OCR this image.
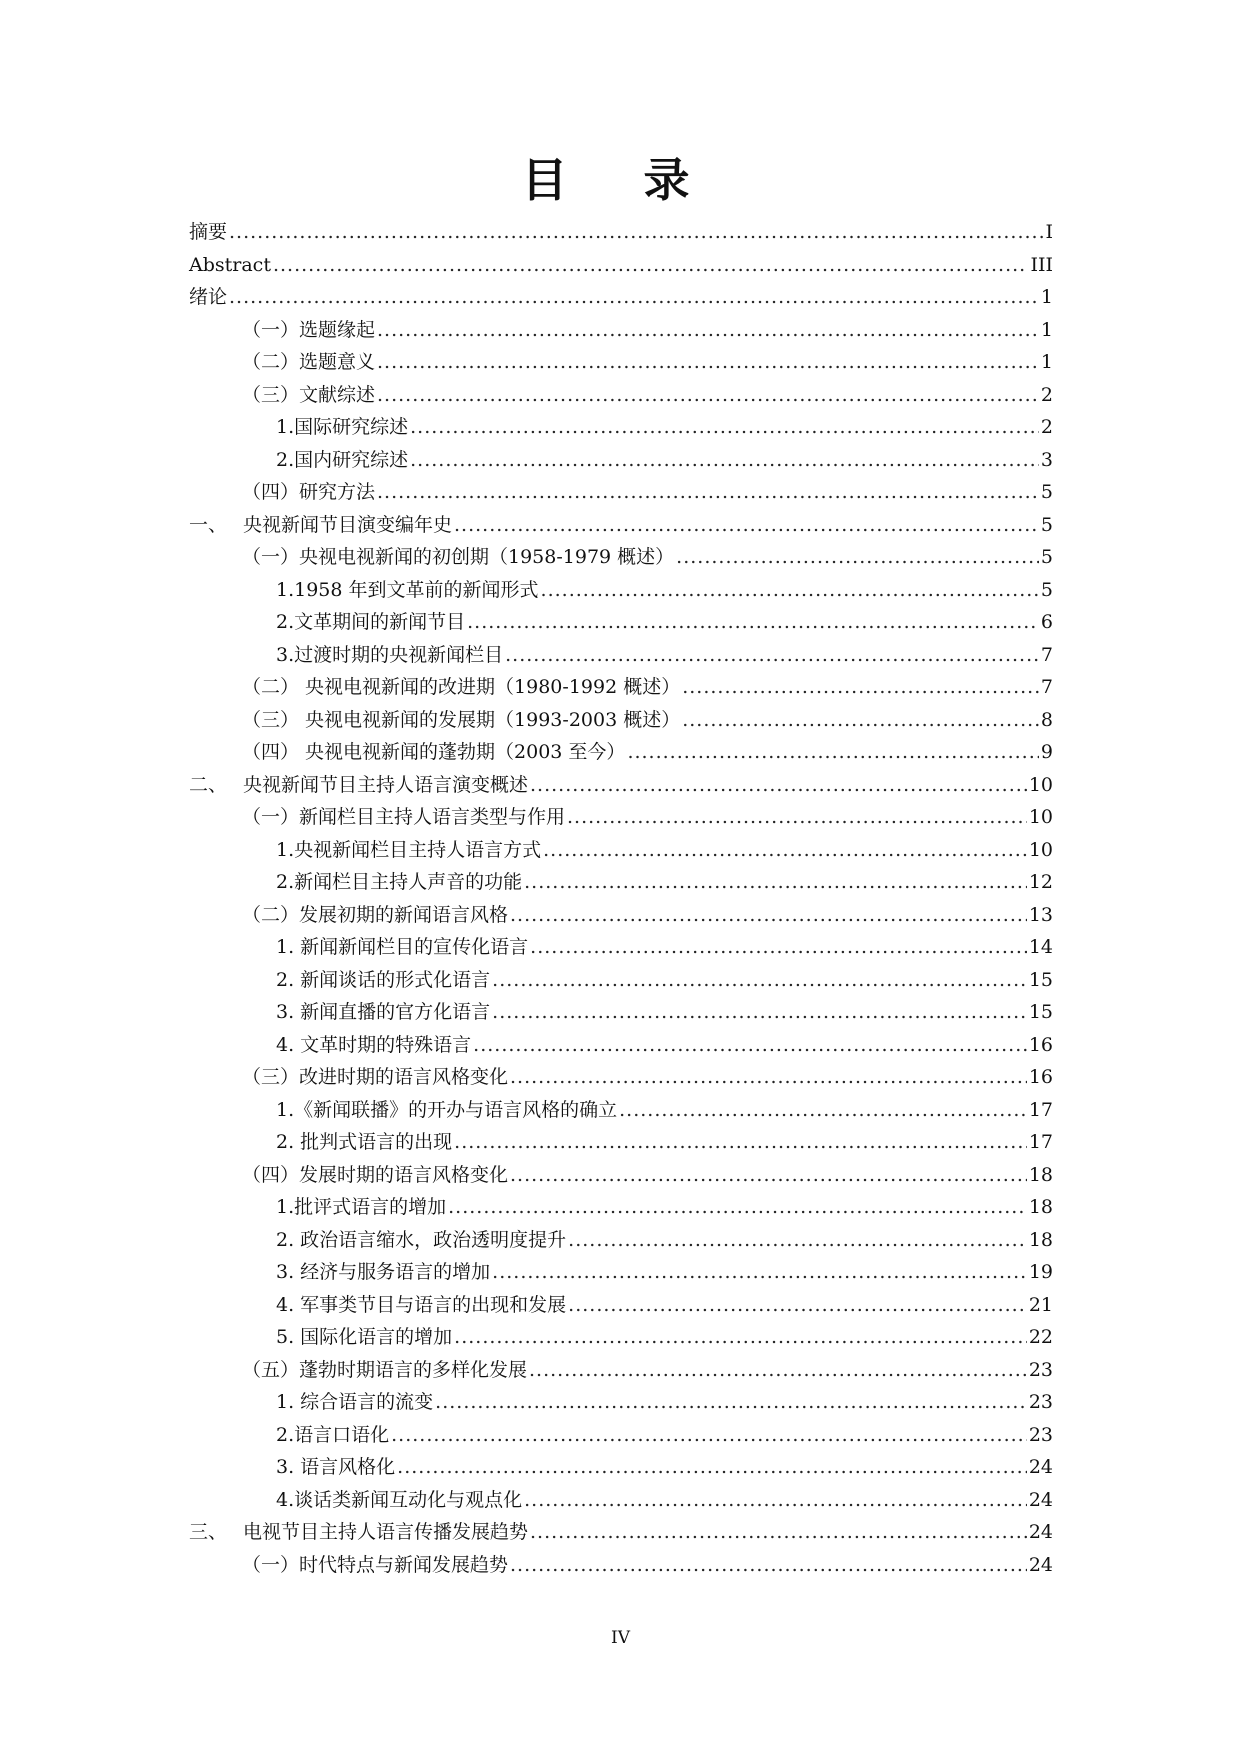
目 录
摘要 .....	I
Abstract .....	III
绪论 .....	1
（一）选题缘起 .....	1
（二）选题意义 .....	1
（三）文献综述 .....	2
1.国际研究综述 .....	2
2.国内研究综述 .....	3
（四）研究方法 .....	5
一、 央视新闻节目演变编年史 .....	5
（一）央视电视新闻的初创期（1958-1979 概述） .....	5
1.1958 年到文革前的新闻形式 .....	5
2.文革期间的新闻节目 .....	6
3.过渡时期的央视新闻栏目 .....	7
（二） 央视电视新闻的改进期（1980-1992 概述） .....	7
（三） 央视电视新闻的发展期（1993-2003 概述） .....	8
（四） 央视电视新闻的蓬勃期（2003 至今） .....	9
二、 央视新闻节目主持人语言演变概述 .....	10
（一）新闻栏目主持人语言类型与作用 .....	10
1.央视新闻栏目主持人语言方式 .....	10
2.新闻栏目主持人声音的功能 .....	12
（二）发展初期的新闻语言风格 .....	13
1. 新闻新闻栏目的宣传化语言 .....	14
2. 新闻谈话的形式化语言 .....	15
3. 新闻直播的官方化语言 .....	15
4. 文革时期的特殊语言 .....	16
（三）改进时期的语言风格变化 .....	16
1.《新闻联播》的开办与语言风格的确立 .....	17
2. 批判式语言的出现 .....	17
（四）发展时期的语言风格变化 .....	18
1.批评式语言的增加 .....	18
2. 政治语言缩水，政治透明度提升 .....	18
3. 经济与服务语言的增加 .....	19
4. 军事类节目与语言的出现和发展 .....	21
5. 国际化语言的增加 .....	22
（五）蓬勃时期语言的多样化发展 .....	23
1. 综合语言的流变 .....	23
2.语言口语化 .....	23
3. 语言风格化 .....	24
4.谈话类新闻互动化与观点化 .....	24
三、 电视节目主持人语言传播发展趋势 .....	24
（一）时代特点与新闻发展趋势 .....	24
IV
